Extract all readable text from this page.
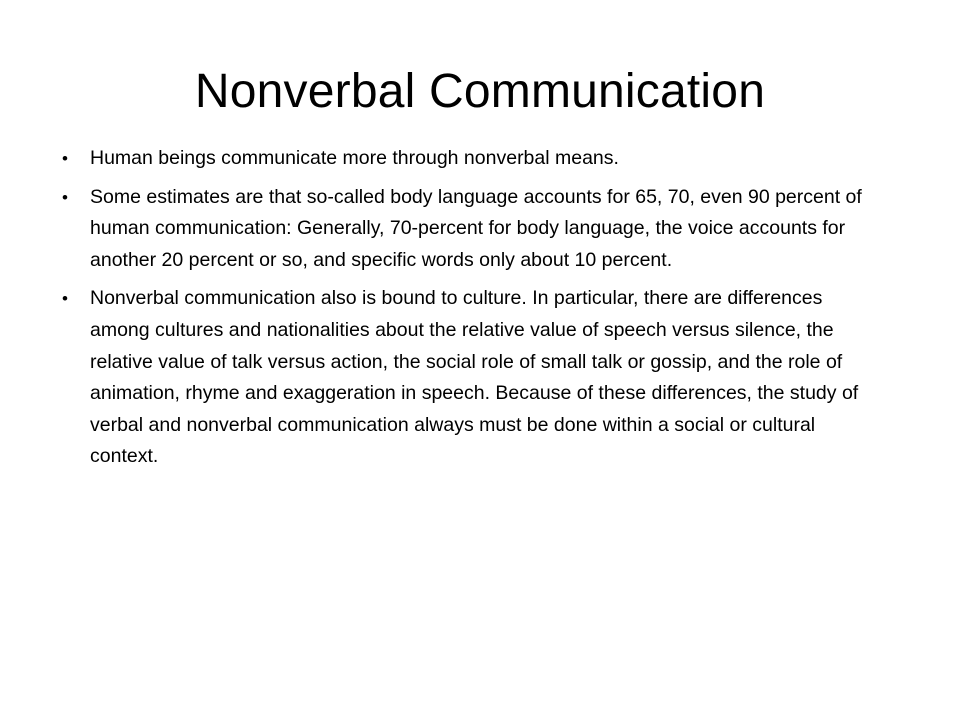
Nonverbal Communication
• Human beings communicate more through nonverbal means.
• Some estimates are that so-called body language accounts for 65, 70, even 90 percent of human communication: Generally, 70-percent for body language, the voice accounts for another 20 percent or so, and specific words only about 10 percent.
• Nonverbal communication also is bound to culture. In particular, there are differences among cultures and nationalities about the relative value of speech versus silence, the relative value of talk versus action, the social role of small talk or gossip, and the role of animation, rhyme and exaggeration in speech. Because of these differences, the study of verbal and nonverbal communication always must be done within a social or cultural context.
